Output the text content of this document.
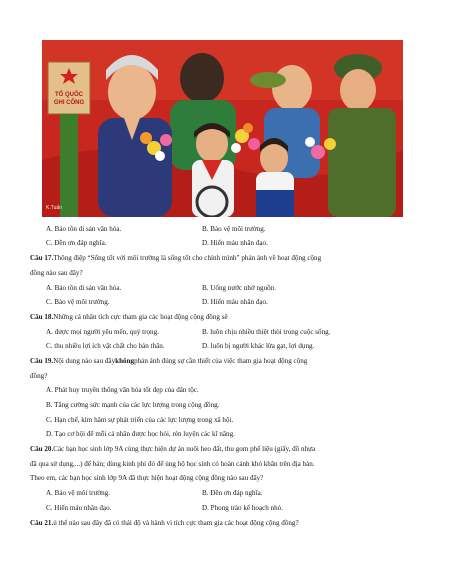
TỔ QUỐC
GHI CÔNG
K.Tuấn
A. Bảo tồn di sản văn hóa.	B. Bảo vệ môi trường.
C. Đền ơn đáp nghĩa.	D. Hiến máu nhân đạo.
Câu 17. Thông điệp “Sống tốt với môi trường là sống tốt cho chính mình” phản ánh về hoạt động cộng
đồng nào sau đây?
A. Bảo tồn di sản văn hóa.	B. Uống nước nhớ nguồn.
C. Bảo vệ môi trường.	D. Hiến máu nhân đạo.
Câu 18. Những cá nhân tích cực tham gia các hoạt động cộng đồng sẽ
A. được mọi người yêu mến, quý trọng.	B. luôn chịu nhiều thiệt thòi trong cuộc sống.
C. thu nhiều lợi ích vật chất cho bản thân.	D. luôn bị người khác lừa gạt, lợi dụng.
Câu 19. Nội dung nào sau đây không phản ánh đúng sự cần thiết của việc tham gia hoạt động cộng
đồng?
A. Phát huy truyền thống văn hóa tốt đẹp của dân tộc.
B. Tăng cường sức mạnh của các lực lượng trong cộng đồng.
C. Hạn chế, kìm hãm sự phát triển của các lực lượng trong xã hội.
D. Tạo cơ hội để mỗi cá nhân được học hỏi, rèn luyện các kĩ năng.
Câu 20. Các bạn học sinh lớp 9A cùng thực hiện dự án nuôi heo đất, thu gom phế liệu (giấy, đồ nhựa
đã qua sử dụng,...) để bán; dùng kinh phí đó để ủng hộ học sinh có hoàn cảnh khó khăn trên địa bàn.
Theo em, các bạn học sinh lớp 9A đã thực hiện hoạt động cộng đồng nào sau đây?
A. Bảo vệ môi trường.	B. Đền ơn đáp nghĩa.
C. Hiến máu nhân đạo.	D. Phong trào kế hoạch nhỏ.
Câu 21. ủ thể nào sau đây đã có thái độ và hành vi tích cực tham gia các hoạt động cộng đồng?
